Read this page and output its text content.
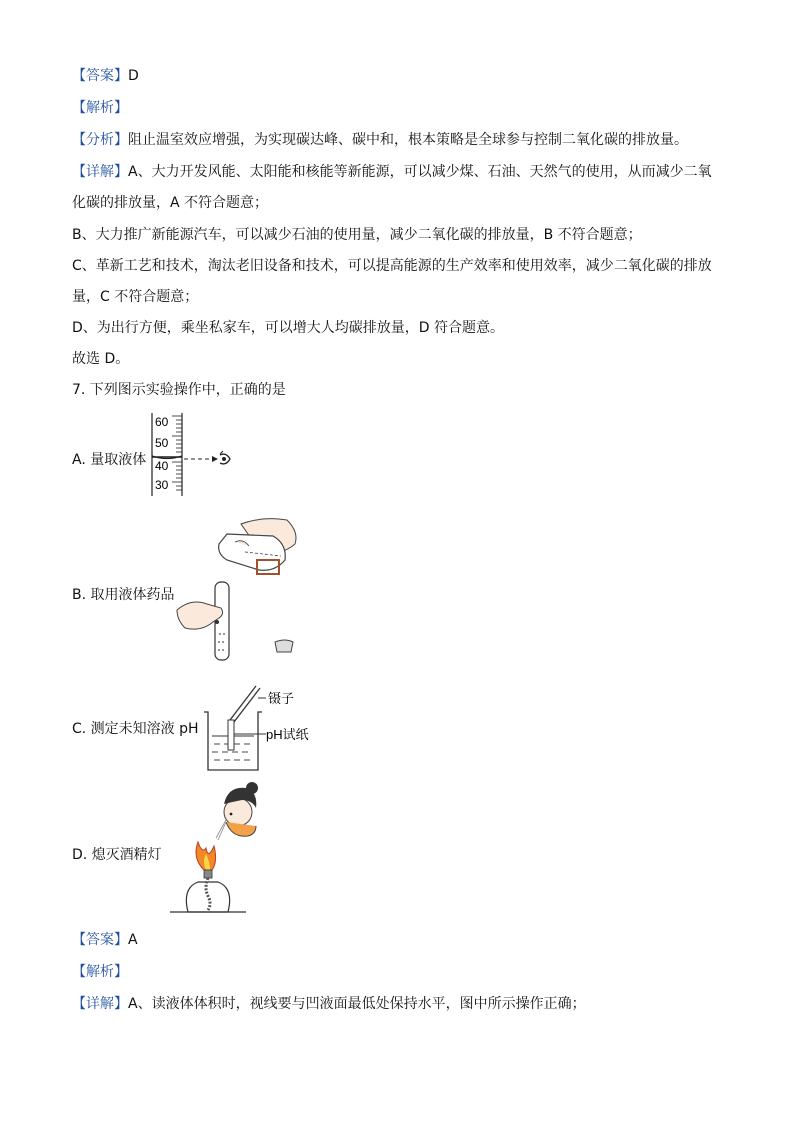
【答案】D
【解析】
【分析】阻止温室效应增强，为实现碳达峰、碳中和，根本策略是全球参与控制二氧化碳的排放量。
【详解】A、大力开发风能、太阳能和核能等新能源，可以减少煤、石油、天然气的使用，从而减少二氧
化碳的排放量，A 不符合题意；
B、大力推广新能源汽车，可以减少石油的使用量，减少二氧化碳的排放量，B 不符合题意；
C、革新工艺和技术，淘汰老旧设备和技术，可以提高能源的生产效率和使用效率，减少二氧化碳的排放
量，C 不符合题意；
D、为出行方便，乘坐私家车，可以增大人均碳排放量，D 符合题意。
故选 D。
7. 下列图示实验操作中，正确的是
A. 量取液体
60
50
40
30
B. 取用液体药品
C. 测定未知溶液 pH
镊子
pH试纸
D. 熄灭酒精灯
【答案】A
【解析】
【详解】A、读液体体积时，视线要与凹液面最低处保持水平，图中所示操作正确；
